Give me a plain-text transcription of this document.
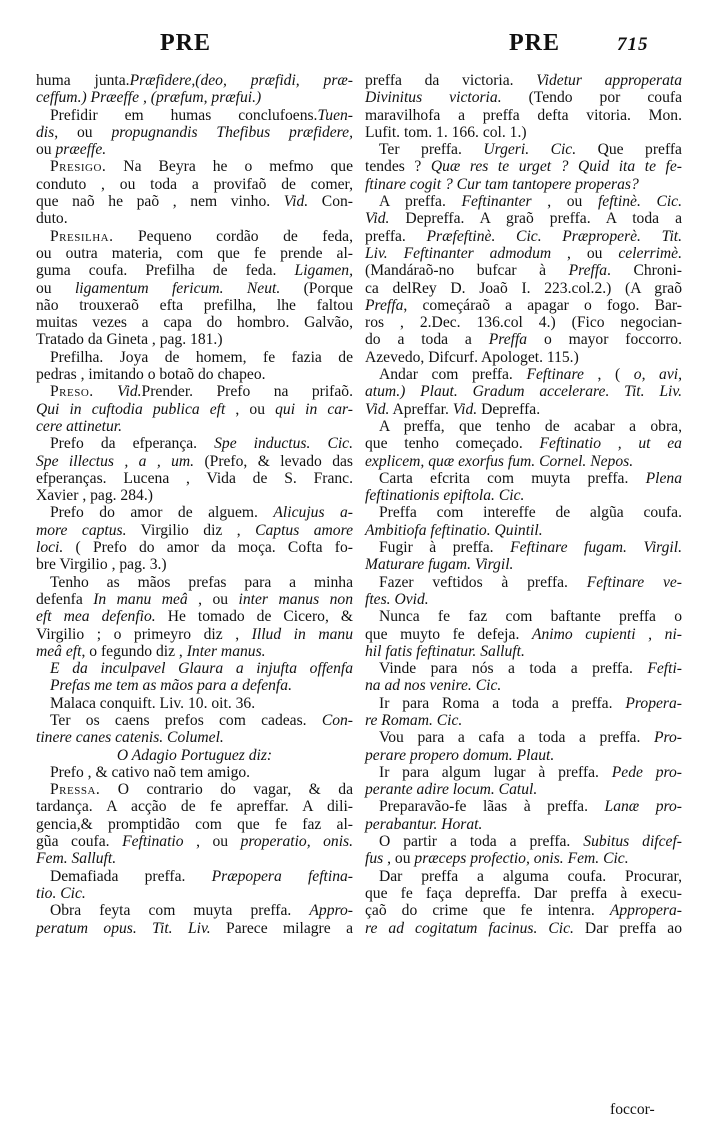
PRE	PRE	715
huma junta.Præfidere,(deo, præfidi, præ-
ceffum.) Præeffe , (præfum, præfui.)
Prefidir em humas conclufoens.Tuen-
dis, ou propugnandis Thefibus præfidere,
ou præeffe.
Presigo. Na Beyra he o mefmo que
conduto , ou toda a provifaõ de comer,
que naõ he paõ , nem vinho. Vid. Con-
duto.
Presilha. Pequeno cordão de feda,
ou outra materia, com que fe prende al-
guma coufa. Prefilha de feda. Ligamen,
ou ligamentum fericum. Neut. (Porque
não trouxeraõ efta prefilha, lhe faltou
muitas vezes a capa do hombro. Galvão,
Tratado da Gineta , pag. 181.)
Prefilha. Joya de homem, fe fazia de
pedras , imitando o botaõ do chapeo.
Preso. Vid.Prender. Prefo na prifaõ.
Qui in cuftodia publica eft , ou qui in car-
cere attinetur.
Prefo da efperança. Spe inductus. Cic.
Spe illectus , a , um. (Prefo, & levado das
efperanças. Lucena , Vida de S. Franc.
Xavier , pag. 284.)
Prefo do amor de alguem. Alicujus a-
more captus. Virgilio diz , Captus amore
loci. ( Prefo do amor da moça. Cofta fo-
bre Virgilio , pag. 3.)
Tenho as mãos prefas para a minha
defenfa In manu meâ , ou inter manus non
eft mea defenfio. He tomado de Cicero, &
Virgilio ; o primeyro diz , Illud in manu
meâ eft, o fegundo diz , Inter manus.
E da inculpavel Glaura a injufta offenfa
Prefas me tem as mãos para a defenfa.
Malaca conquift. Liv. 10. oit. 36.
Ter os caens prefos com cadeas. Con-
tinere canes catenis. Columel.
O Adagio Portuguez diz:
Prefo , & cativo naõ tem amigo.
Pressa. O contrario do vagar, & da
tardança. A acção de fe apreffar. A dili-
gencia,& promptidão com que fe faz al-
gũa coufa. Feftinatio , ou properatio, onis.
Fem. Salluft.
Demafiada preffa. Præpopera feftina-
tio. Cic.
Obra feyta com muyta preffa. Appro-
peratum opus. Tit. Liv. Parece milagre a
preffa da victoria. Videtur approperata
Divinitus victoria. (Tendo por coufa
maravilhofa a preffa defta vitoria. Mon.
Lufit. tom. 1. 166. col. 1.)
Ter preffa. Urgeri. Cic. Que preffa
tendes ? Quæ res te urget ? Quid ita te fe-
ftinare cogit ? Cur tam tantopere properas?
A preffa. Feftinanter , ou feftinè. Cic.
Vid. Depreffa. A graõ preffa. A toda a
preffa. Præfeftinè. Cic. Præproperè. Tit.
Liv. Feftinanter admodum , ou celerrimè.
(Mandáraõ-no bufcar à Preffa. Chroni-
ca delRey D. Joaõ I. 223.col.2.) (A graõ
Preffa, começáraõ a apagar o fogo. Bar-
ros , 2.Dec. 136.col 4.) (Fico negocian-
do a toda a Preffa o mayor foccorro.
Azevedo, Difcurf. Apologet. 115.)
Andar com preffa. Feftinare , ( o, avi,
atum.) Plaut. Gradum accelerare. Tit. Liv.
Vid. Apreffar. Vid. Depreffa.
A preffa, que tenho de acabar a obra,
que tenho começado. Feftinatio , ut ea
explicem, quæ exorfus fum. Cornel. Nepos.
Carta efcrita com muyta preffa. Plena
feftinationis epiftola. Cic.
Preffa com intereffe de algũa coufa.
Ambitiofa feftinatio. Quintil.
Fugir à preffa. Feftinare fugam. Virgil.
Maturare fugam. Virgil.
Fazer veftidos à preffa. Feftinare ve-
ftes. Ovid.
Nunca fe faz com baftante preffa o
que muyto fe defeja. Animo cupienti , ni-
hil fatis feftinatur. Salluft.
Vinde para nós a toda a preffa. Fefti-
na ad nos venire. Cic.
Ir para Roma a toda a preffa. Propera-
re Romam. Cic.
Vou para a cafa a toda a preffa. Pro-
perare propero domum. Plaut.
Ir para algum lugar à preffa. Pede pro-
perante adire locum. Catul.
Preparavão-fe lãas à preffa. Lanæ pro-
perabantur. Horat.
O partir a toda a preffa. Subitus difcef-
fus , ou præceps profectio, onis. Fem. Cic.
Dar preffa a alguma coufa. Procurar,
que fe faça depreffa. Dar preffa à execu-
çaõ do crime que fe intenra. Approperа-
re ad cogitatum facinus. Cic. Dar preffa ao
foccor-
